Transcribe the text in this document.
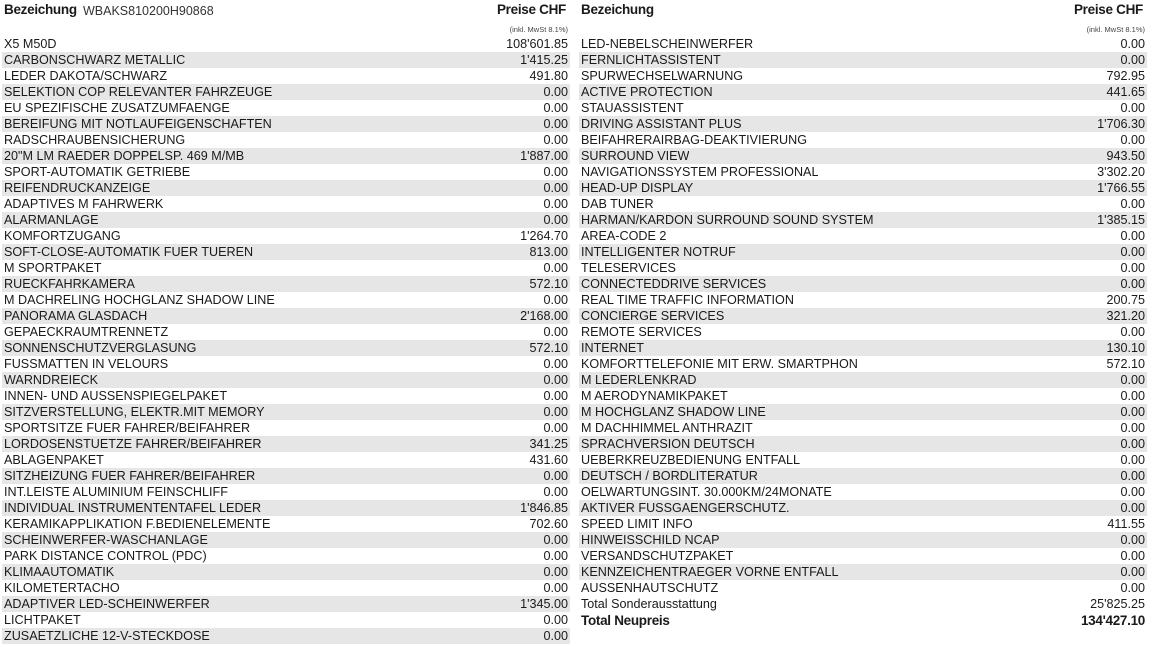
Bezeichung WBAKS810200H90868	Preise CHF
(inkl. MwSt 8.1%)
X5 M50D	108'601.85
CARBONSCHWARZ METALLIC	1'415.25
LEDER DAKOTA/SCHWARZ	491.80
SELEKTION COP RELEVANTER FAHRZEUGE	0.00
EU SPEZIFISCHE ZUSATZUMFAENGE	0.00
BEREIFUNG MIT NOTLAUFEIGENSCHAFTEN	0.00
RADSCHRAUBENSICHERUNG	0.00
20"M LM RAEDER DOPPELSP. 469 M/MB	1'887.00
SPORT-AUTOMATIK GETRIEBE	0.00
REIFENDRUCKANZEIGE	0.00
ADAPTIVES M FAHRWERK	0.00
ALARMANLAGE	0.00
KOMFORTZUGANG	1'264.70
SOFT-CLOSE-AUTOMATIK FUER TUEREN	813.00
M SPORTPAKET	0.00
RUECKFAHRKAMERA	572.10
M DACHRELING HOCHGLANZ SHADOW LINE	0.00
PANORAMA GLASDACH	2'168.00
GEPAECKRAUMTRENNETZ	0.00
SONNENSCHUTZVERGLASUNG	572.10
FUSSMATTEN IN VELOURS	0.00
WARNDREIECK	0.00
INNEN- UND AUSSENSPIEGELPAKET	0.00
SITZVERSTELLUNG, ELEKTR.MIT MEMORY	0.00
SPORTSITZE FUER FAHRER/BEIFAHRER	0.00
LORDOSENSTUETZE FAHRER/BEIFAHRER	341.25
ABLAGENPAKET	431.60
SITZHEIZUNG FUER FAHRER/BEIFAHRER	0.00
INT.LEISTE ALUMINIUM FEINSCHLIFF	0.00
INDIVIDUAL INSTRUMENTENTAFEL LEDER	1'846.85
KERAMIKAPPLIKATION F.BEDIENELEMENTE	702.60
SCHEINWERFER-WASCHANLAGE	0.00
PARK DISTANCE CONTROL (PDC)	0.00
KLIMAAUTOMATIK	0.00
KILOMETERTACHO	0.00
ADAPTIVER LED-SCHEINWERFER	1'345.00
LICHTPAKET	0.00
ZUSAETZLICHE 12-V-STECKDOSE	0.00
Bezeichung	Preise CHF
(inkl. MwSt 8.1%)
LED-NEBELSCHEINWERFER	0.00
FERNLICHTASSISTENT	0.00
SPURWECHSELWARNUNG	792.95
ACTIVE PROTECTION	441.65
STAUASSISTENT	0.00
DRIVING ASSISTANT PLUS	1'706.30
BEIFAHRERAIRBAG-DEAKTIVIERUNG	0.00
SURROUND VIEW	943.50
NAVIGATIONSSYSTEM PROFESSIONAL	3'302.20
HEAD-UP DISPLAY	1'766.55
DAB TUNER	0.00
HARMAN/KARDON SURROUND SOUND SYSTEM	1'385.15
AREA-CODE 2	0.00
INTELLIGENTER NOTRUF	0.00
TELESERVICES	0.00
CONNECTEDDRIVE SERVICES	0.00
REAL TIME TRAFFIC INFORMATION	200.75
CONCIERGE SERVICES	321.20
REMOTE SERVICES	0.00
INTERNET	130.10
KOMFORTTELEFONIE MIT ERW. SMARTPHON	572.10
M LEDERLENKRAD	0.00
M AERODYNAMIKPAKET	0.00
M HOCHGLANZ SHADOW LINE	0.00
M DACHHIMMEL ANTHRAZIT	0.00
SPRACHVERSION DEUTSCH	0.00
UEBERKREUZBEDIENUNG ENTFALL	0.00
DEUTSCH / BORDLITERATUR	0.00
OELWARTUNGSINT. 30.000KM/24MONATE	0.00
AKTIVER FUSSGAENGERSCHUTZ.	0.00
SPEED LIMIT INFO	411.55
HINWEISSCHILD NCAP	0.00
VERSANDSCHUTZPAKET	0.00
KENNZEICHENTRAEGER VORNE ENTFALL	0.00
AUSSENHAUTSCHUTZ	0.00
Total Sonderausstattung	25'825.25
Total Neupreis	134'427.10
